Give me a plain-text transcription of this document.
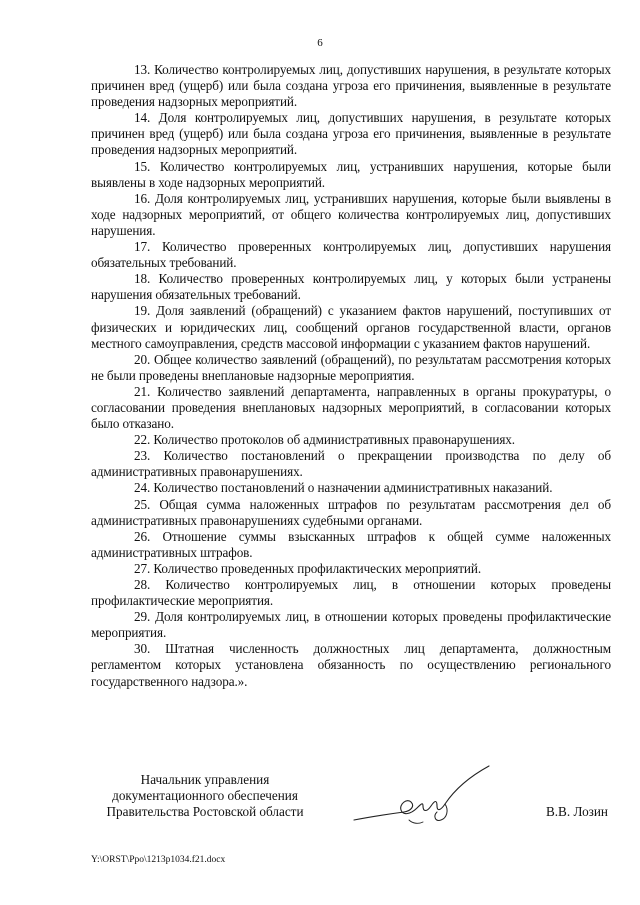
6

13. Количество контролируемых лиц, допустивших нарушения, в результате которых причинен вред (ущерб) или была создана угроза его причинения, выявленные в результате проведения надзорных мероприятий.

14. Доля контролируемых лиц, допустивших нарушения, в результате которых причинен вред (ущерб) или была создана угроза его причинения, выявленные в результате проведения надзорных мероприятий.

15. Количество контролируемых лиц, устранивших нарушения, которые были выявлены в ходе надзорных мероприятий.

16. Доля контролируемых лиц, устранивших нарушения, которые были выявлены в ходе надзорных мероприятий, от общего количества контролируемых лиц, допустивших нарушения.

17. Количество проверенных контролируемых лиц, допустивших нарушения обязательных требований.

18. Количество проверенных контролируемых лиц, у которых были устранены нарушения обязательных требований.

19. Доля заявлений (обращений) с указанием фактов нарушений, поступивших от физических и юридических лиц, сообщений органов государственной власти, органов местного самоуправления, средств массовой информации с указанием фактов нарушений.

20. Общее количество заявлений (обращений), по результатам рассмотрения которых не были проведены внеплановые надзорные мероприятия.

21. Количество заявлений департамента, направленных в органы прокуратуры, о согласовании проведения внеплановых надзорных мероприятий, в согласовании которых было отказано.

22. Количество протоколов об административных правонарушениях.

23. Количество постановлений о прекращении производства по делу об административных правонарушениях.

24. Количество постановлений о назначении административных наказаний.

25. Общая сумма наложенных штрафов по результатам рассмотрения дел об административных правонарушениях судебными органами.

26. Отношение суммы взысканных штрафов к общей сумме наложенных административных штрафов.

27. Количество проведенных профилактических мероприятий.

28. Количество контролируемых лиц, в отношении которых проведены профилактические мероприятия.

29. Доля контролируемых лиц, в отношении которых проведены профилактические мероприятия.

30. Штатная численность должностных лиц департамента, должностным регламентом которых установлена обязанность по осуществлению регионального государственного надзора.».

Начальник управления
документационного обеспечения
Правительства Ростовской области	В.В. Лозин
Y:\ORST\Ppo\1213p1034.f21.docx
